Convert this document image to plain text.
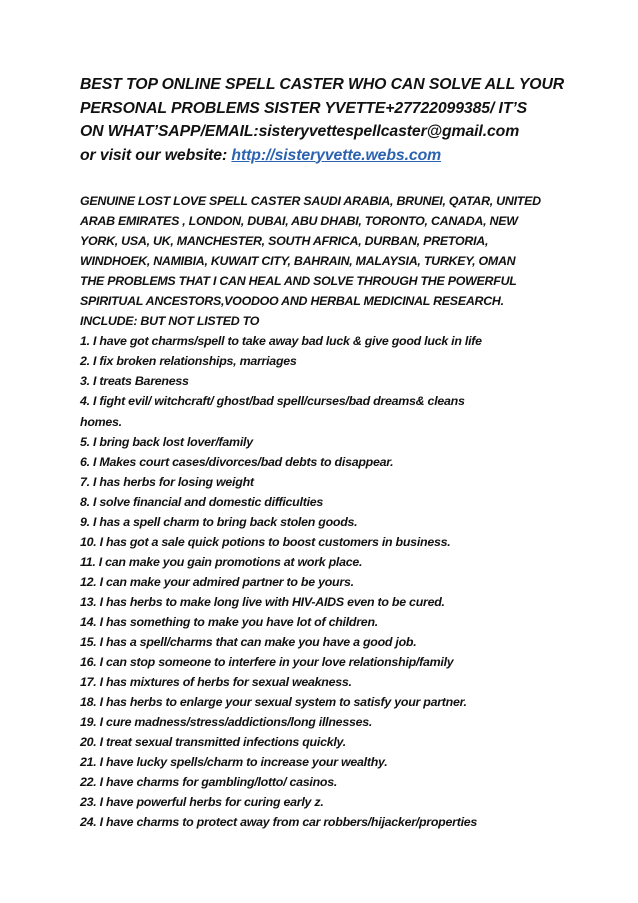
BEST TOP ONLINE SPELL CASTER WHO CAN SOLVE ALL YOUR
PERSONAL PROBLEMS SISTER YVETTE+27722099385/ IT’S
ON WHAT’SAPP/EMAIL:sisteryvettespellcaster@gmail.com
or visit our website: http://sisteryvette.webs.com
GENUINE LOST LOVE SPELL CASTER SAUDI ARABIA, BRUNEI, QATAR, UNITED
ARAB EMIRATES , LONDON, DUBAI, ABU DHABI, TORONTO, CANADA, NEW
YORK, USA, UK, MANCHESTER, SOUTH AFRICA, DURBAN, PRETORIA,
WINDHOEK, NAMIBIA, KUWAIT CITY, BAHRAIN, MALAYSIA, TURKEY, OMAN
THE PROBLEMS THAT I CAN HEAL AND SOLVE THROUGH THE POWERFUL
SPIRITUAL ANCESTORS,VOODOO AND HERBAL MEDICINAL RESEARCH.
INCLUDE: BUT NOT LISTED TO
1. I have got charms/spell to take away bad luck & give good luck in life
2. I fix broken relationships, marriages
3. I treats Bareness
4. I fight evil/ witchcraft/ ghost/bad spell/curses/bad dreams& cleans
homes.
5. I bring back lost lover/family
6. I Makes court cases/divorces/bad debts to disappear.
7. I has herbs for losing weight
8. I solve financial and domestic difficulties
9. I has a spell charm to bring back stolen goods.
10. I has got a sale quick potions to boost customers in business.
11. I can make you gain promotions at work place.
12. I can make your admired partner to be yours.
13. I has herbs to make long live with HIV-AIDS even to be cured.
14. I has something to make you have lot of children.
15. I has a spell/charms that can make you have a good job.
16. I can stop someone to interfere in your love relationship/family
17. I has mixtures of herbs for sexual weakness.
18. I has herbs to enlarge your sexual system to satisfy your partner.
19. I cure madness/stress/addictions/long illnesses.
20. I treat sexual transmitted infections quickly.
21. I have lucky spells/charm to increase your wealthy.
22. I have charms for gambling/lotto/ casinos.
23. I have powerful herbs for curing early z.
24. I have charms to protect away from car robbers/hijacker/properties
